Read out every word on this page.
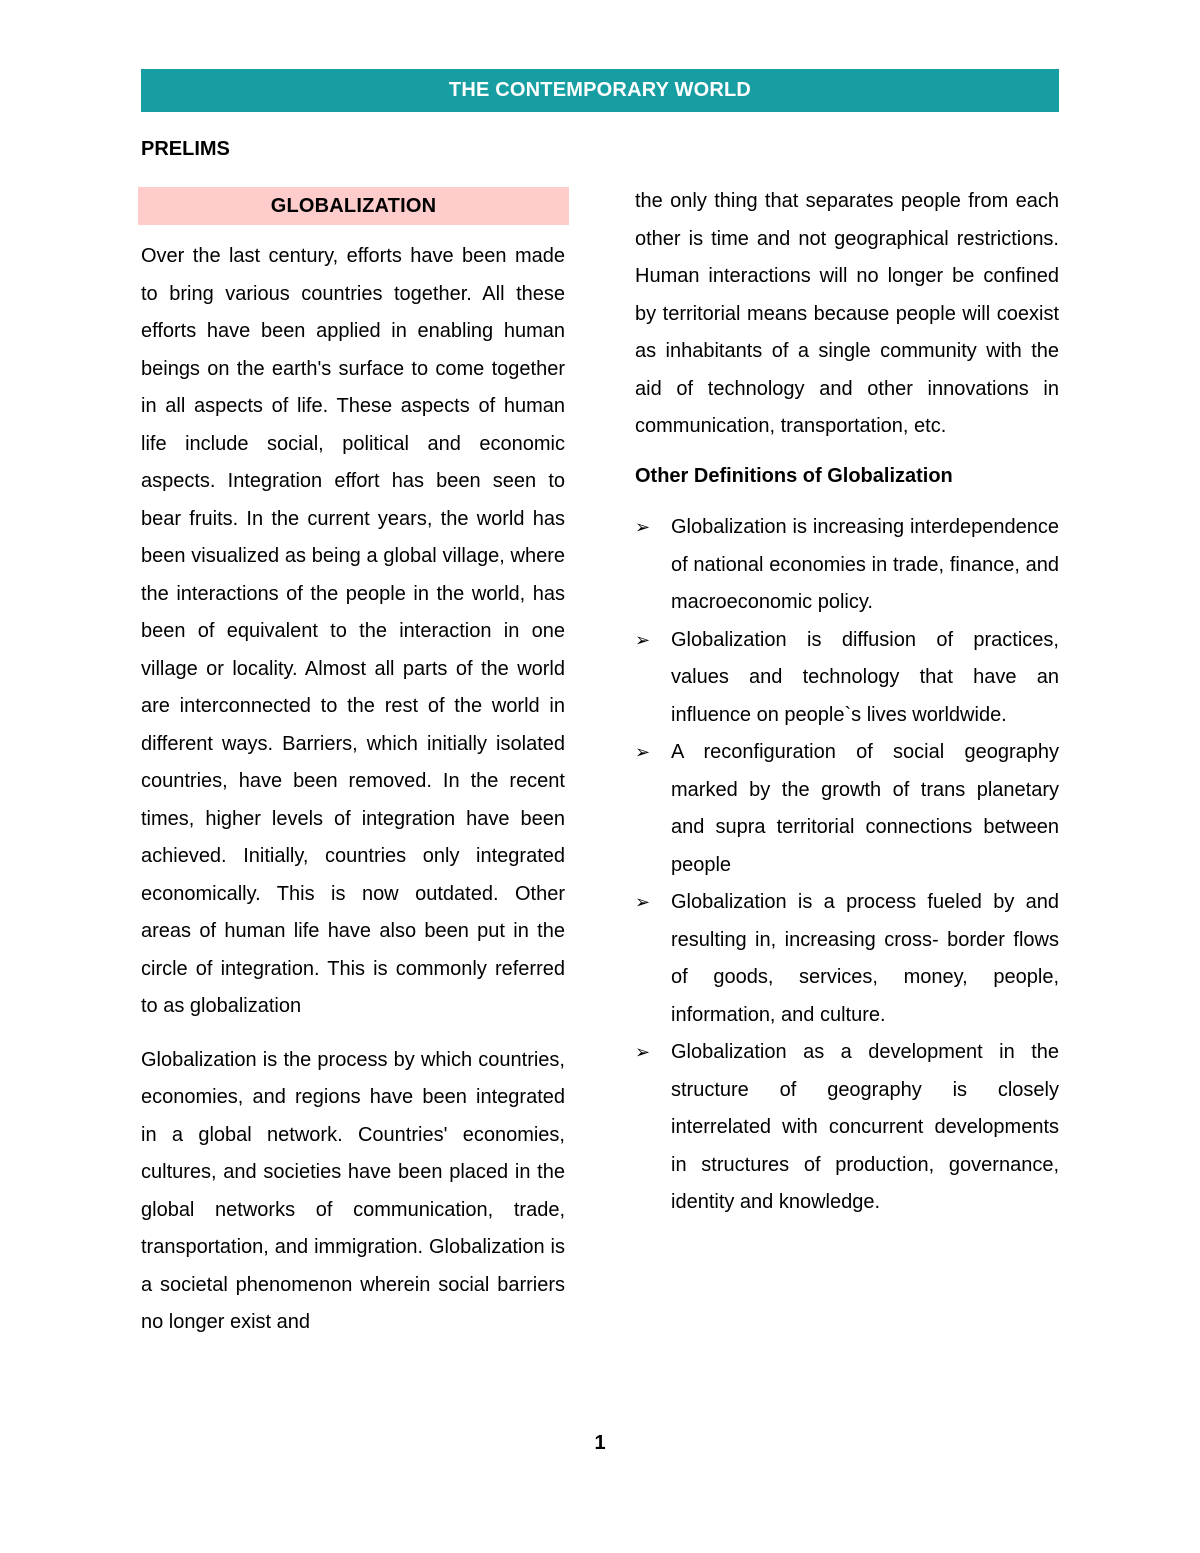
THE CONTEMPORARY WORLD
PRELIMS
GLOBALIZATION

Over the last century, efforts have been made to bring various countries together. All these efforts have been applied in enabling human beings on the earth's surface to come together in all aspects of life. These aspects of human life include social, political and economic aspects. Integration effort has been seen to bear fruits. In the current years, the world has been visualized as being a global village, where the interactions of the people in the world, has been of equivalent to the interaction in one village or locality. Almost all parts of the world are interconnected to the rest of the world in different ways. Barriers, which initially isolated countries, have been removed. In the recent times, higher levels of integration have been achieved. Initially, countries only integrated economically. This is now outdated. Other areas of human life have also been put in the circle of integration. This is commonly referred to as globalization

Globalization is the process by which countries, economies, and regions have been integrated in a global network. Countries' economies, cultures, and societies have been placed in the global networks of communication, trade, transportation, and immigration. Globalization is a societal phenomenon wherein social barriers no longer exist and

the only thing that separates people from each other is time and not geographical restrictions. Human interactions will no longer be confined by territorial means because people will coexist as inhabitants of a single community with the aid of technology and other innovations in communication, transportation, etc.

Other Definitions of Globalization
➢ Globalization is increasing interdependence of national economies in trade, finance, and macroeconomic policy.
➢ Globalization is diffusion of practices, values and technology that have an influence on people`s lives worldwide.
➢ A reconfiguration of social geography marked by the growth of trans planetary and supra territorial connections between people
➢ Globalization is a process fueled by and resulting in, increasing cross- border flows of goods, services, money, people, information, and culture.
➢ Globalization as a development in the structure of geography is closely interrelated with concurrent developments in structures of production, governance, identity and knowledge.
1
